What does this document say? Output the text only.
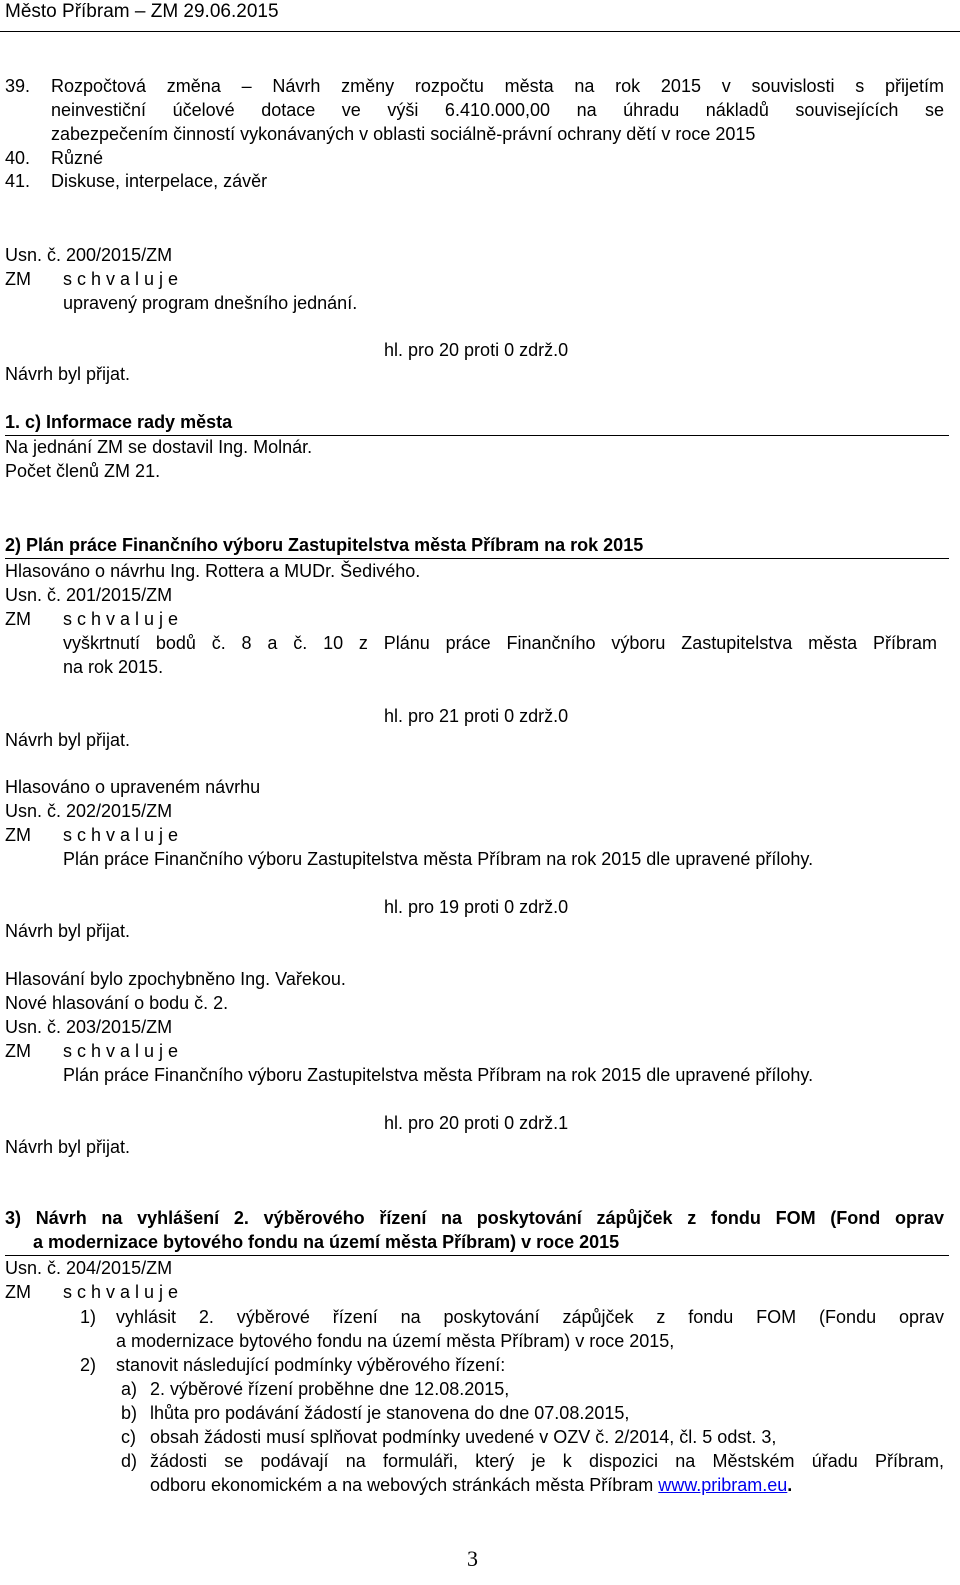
Město Příbram – ZM 29.06.2015
39. Rozpočtová změna – Návrh změny rozpočtu města na rok 2015 v souvislosti s přijetím
neinvestiční účelové dotace ve výši 6.410.000,00 na úhradu nákladů souvisejících se
zabezpečením činností vykonávaných v oblasti sociálně-právní ochrany dětí v roce 2015
40. Různé
41. Diskuse, interpelace, závěr
Usn. č. 200/2015/ZM
ZM s c h v a l u j e
upravený program dnešního jednání.
hl. pro 20 proti 0 zdrž.0
Návrh byl přijat.
1. c) Informace rady města
Na jednání ZM se dostavil Ing. Molnár.
Počet členů ZM 21.
2) Plán práce Finančního výboru Zastupitelstva města Příbram na rok 2015
Hlasováno o návrhu Ing. Rottera a MUDr. Šedivého.
Usn. č. 201/2015/ZM
ZM s c h v a l u j e
vyškrtnutí bodů č. 8 a č. 10 z Plánu práce Finančního výboru Zastupitelstva města Příbram
na rok 2015.
hl. pro 21 proti 0 zdrž.0
Návrh byl přijat.
Hlasováno o upraveném návrhu
Usn. č. 202/2015/ZM
ZM s c h v a l u j e
Plán práce Finančního výboru Zastupitelstva města Příbram na rok 2015 dle upravené přílohy.
hl. pro 19 proti 0 zdrž.0
Návrh byl přijat.
Hlasování bylo zpochybněno Ing. Vařekou.
Nové hlasování o bodu č. 2.
Usn. č. 203/2015/ZM
ZM s c h v a l u j e
Plán práce Finančního výboru Zastupitelstva města Příbram na rok 2015 dle upravené přílohy.
hl. pro 20 proti 0 zdrž.1
Návrh byl přijat.
3) Návrh na vyhlášení 2. výběrového řízení na poskytování zápůjček z fondu FOM (Fond oprav
a modernizace bytového fondu na území města Příbram) v roce 2015
Usn. č. 204/2015/ZM
ZM s c h v a l u j e
1) vyhlásit 2. výběrové řízení na poskytování zápůjček z fondu FOM (Fondu oprav
a modernizace bytového fondu na území města Příbram) v roce 2015,
2) stanovit následující podmínky výběrového řízení:
a) 2. výběrové řízení proběhne dne 12.08.2015,
b) lhůta pro podávání žádostí je stanovena do dne 07.08.2015,
c) obsah žádosti musí splňovat podmínky uvedené v OZV č. 2/2014, čl. 5 odst. 3,
d) žádosti se podávají na formuláři, který je k dispozici na Městském úřadu Příbram,
odboru ekonomickém a na webových stránkách města Příbram www.pribram.eu.
3
